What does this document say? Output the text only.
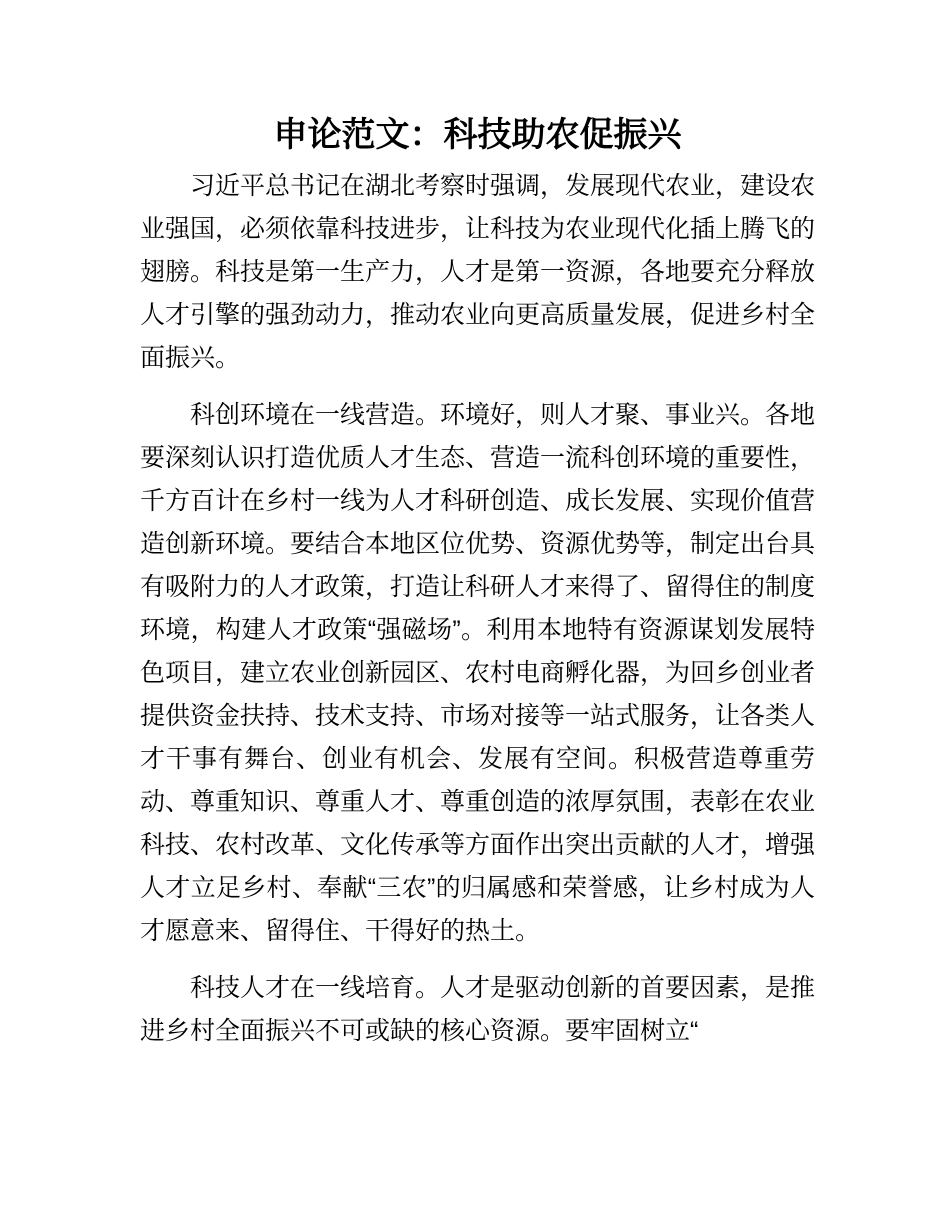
申论范文：科技助农促振兴

习近平总书记在湖北考察时强调，发展现代农业，建设农业强国，必须依靠科技进步，让科技为农业现代化插上腾飞的翅膀。科技是第一生产力，人才是第一资源，各地要充分释放人才引擎的强劲动力，推动农业向更高质量发展，促进乡村全面振兴。

科创环境在一线营造。环境好，则人才聚、事业兴。各地要深刻认识打造优质人才生态、营造一流科创环境的重要性，千方百计在乡村一线为人才科研创造、成长发展、实现价值营造创新环境。要结合本地区位优势、资源优势等，制定出台具有吸附力的人才政策，打造让科研人才来得了、留得住的制度环境，构建人才政策“强磁场”。利用本地特有资源谋划发展特色项目，建立农业创新园区、农村电商孵化器，为回乡创业者提供资金扶持、技术支持、市场对接等一站式服务，让各类人才干事有舞台、创业有机会、发展有空间。积极营造尊重劳动、尊重知识、尊重人才、尊重创造的浓厚氛围，表彰在农业科技、农村改革、文化传承等方面作出突出贡献的人才，增强人才立足乡村、奉献“三农”的归属感和荣誉感，让乡村成为人才愿意来、留得住、干得好的热土。

科技人才在一线培育。人才是驱动创新的首要因素，是推进乡村全面振兴不可或缺的核心资源。要牢固树立“
